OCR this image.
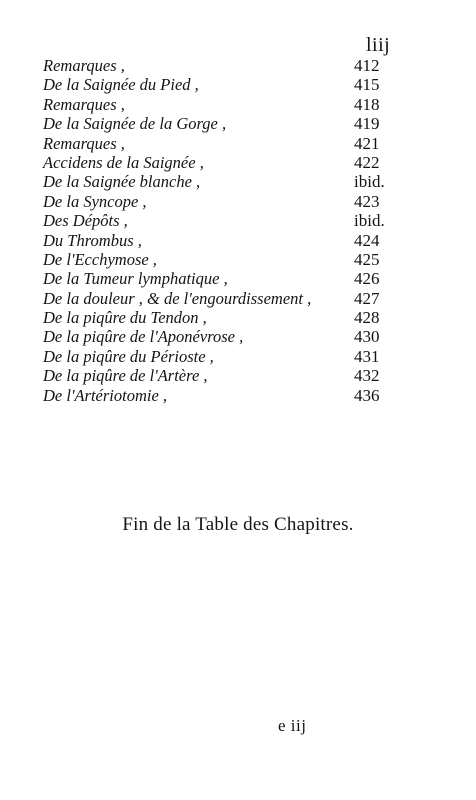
liij
Remarques ,	412
De la Saignée du Pied ,	415
Remarques ,	418
De la Saignée de la Gorge ,	419
Remarques ,	421
Accidens de la Saignée ,	422
De la Saignée blanche ,	ibid.
De la Syncope ,	423
Des Dépôts ,	ibid.
Du Thrombus ,	424
De l'Ecchymose ,	425
De la Tumeur lymphatique ,	426
De la douleur , & de l'engourdissement ,	427
De la piqûre du Tendon ,	428
De la piqûre de l'Aponévrose ,	430
De la piqûre du Périoste ,	431
De la piqûre de l'Artère ,	432
De l'Artériotomie ,	436
Fin de la Table des Chapitres.
e iij
